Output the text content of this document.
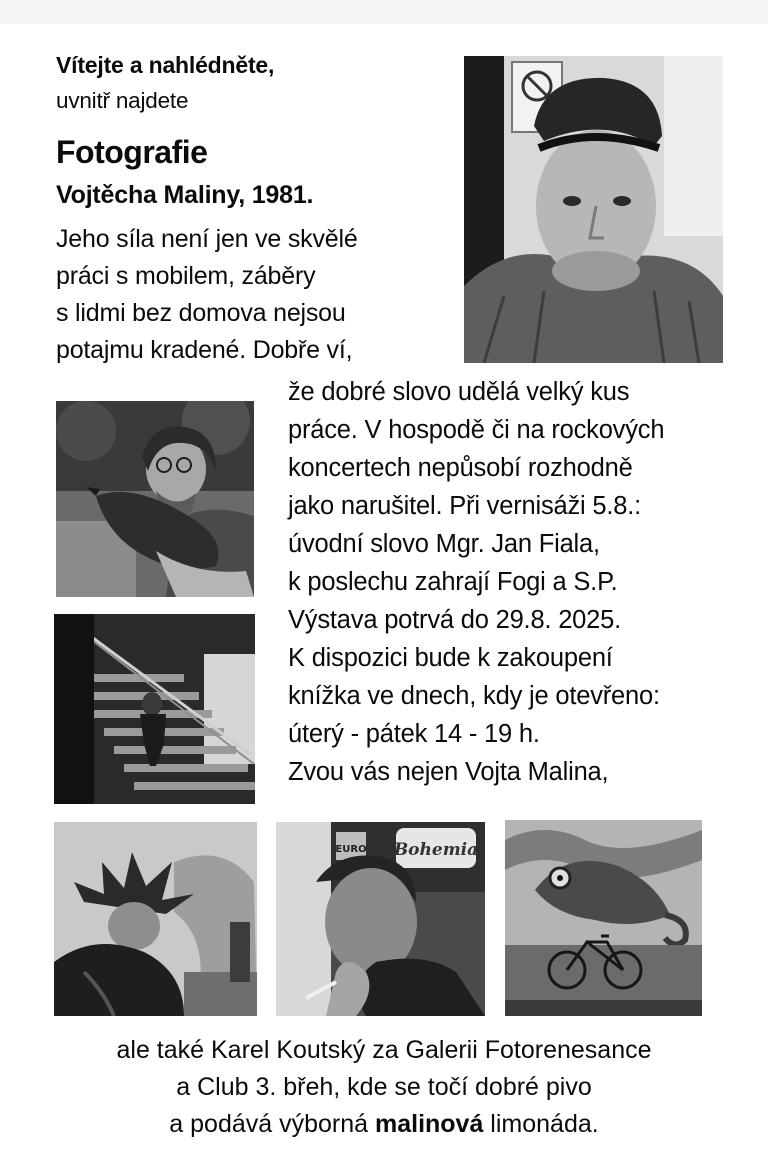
Vítejte a nahlédněte,
uvnitř najdete
Fotografie
Vojtěcha Maliny, 1981.
Jeho síla není jen ve skvělé
práci s mobilem, záběry
s lidmi bez domova nejsou
potajmu kradené. Dobře ví,
že dobré slovo udělá velký kus
práce. V hospodě či na rockových
koncertech nepůsobí rozhodně
jako narušitel. Při vernisáži 5.8.:
úvodní slovo Mgr. Jan Fiala,
k poslechu zahrají Fogi a S.P.
Výstava potrvá do 29.8. 2025.
K dispozici bude k zakoupení
knížka ve dnech, kdy je otevřeno:
úterý - pátek 14 - 19 h.
Zvou vás nejen Vojta Malina,
Bohemia
EURO
ale také Karel Koutský za Galerii Fotorenesance
a Club 3. břeh, kde se točí dobré pivo
a podává výborná malinová limonáda.
